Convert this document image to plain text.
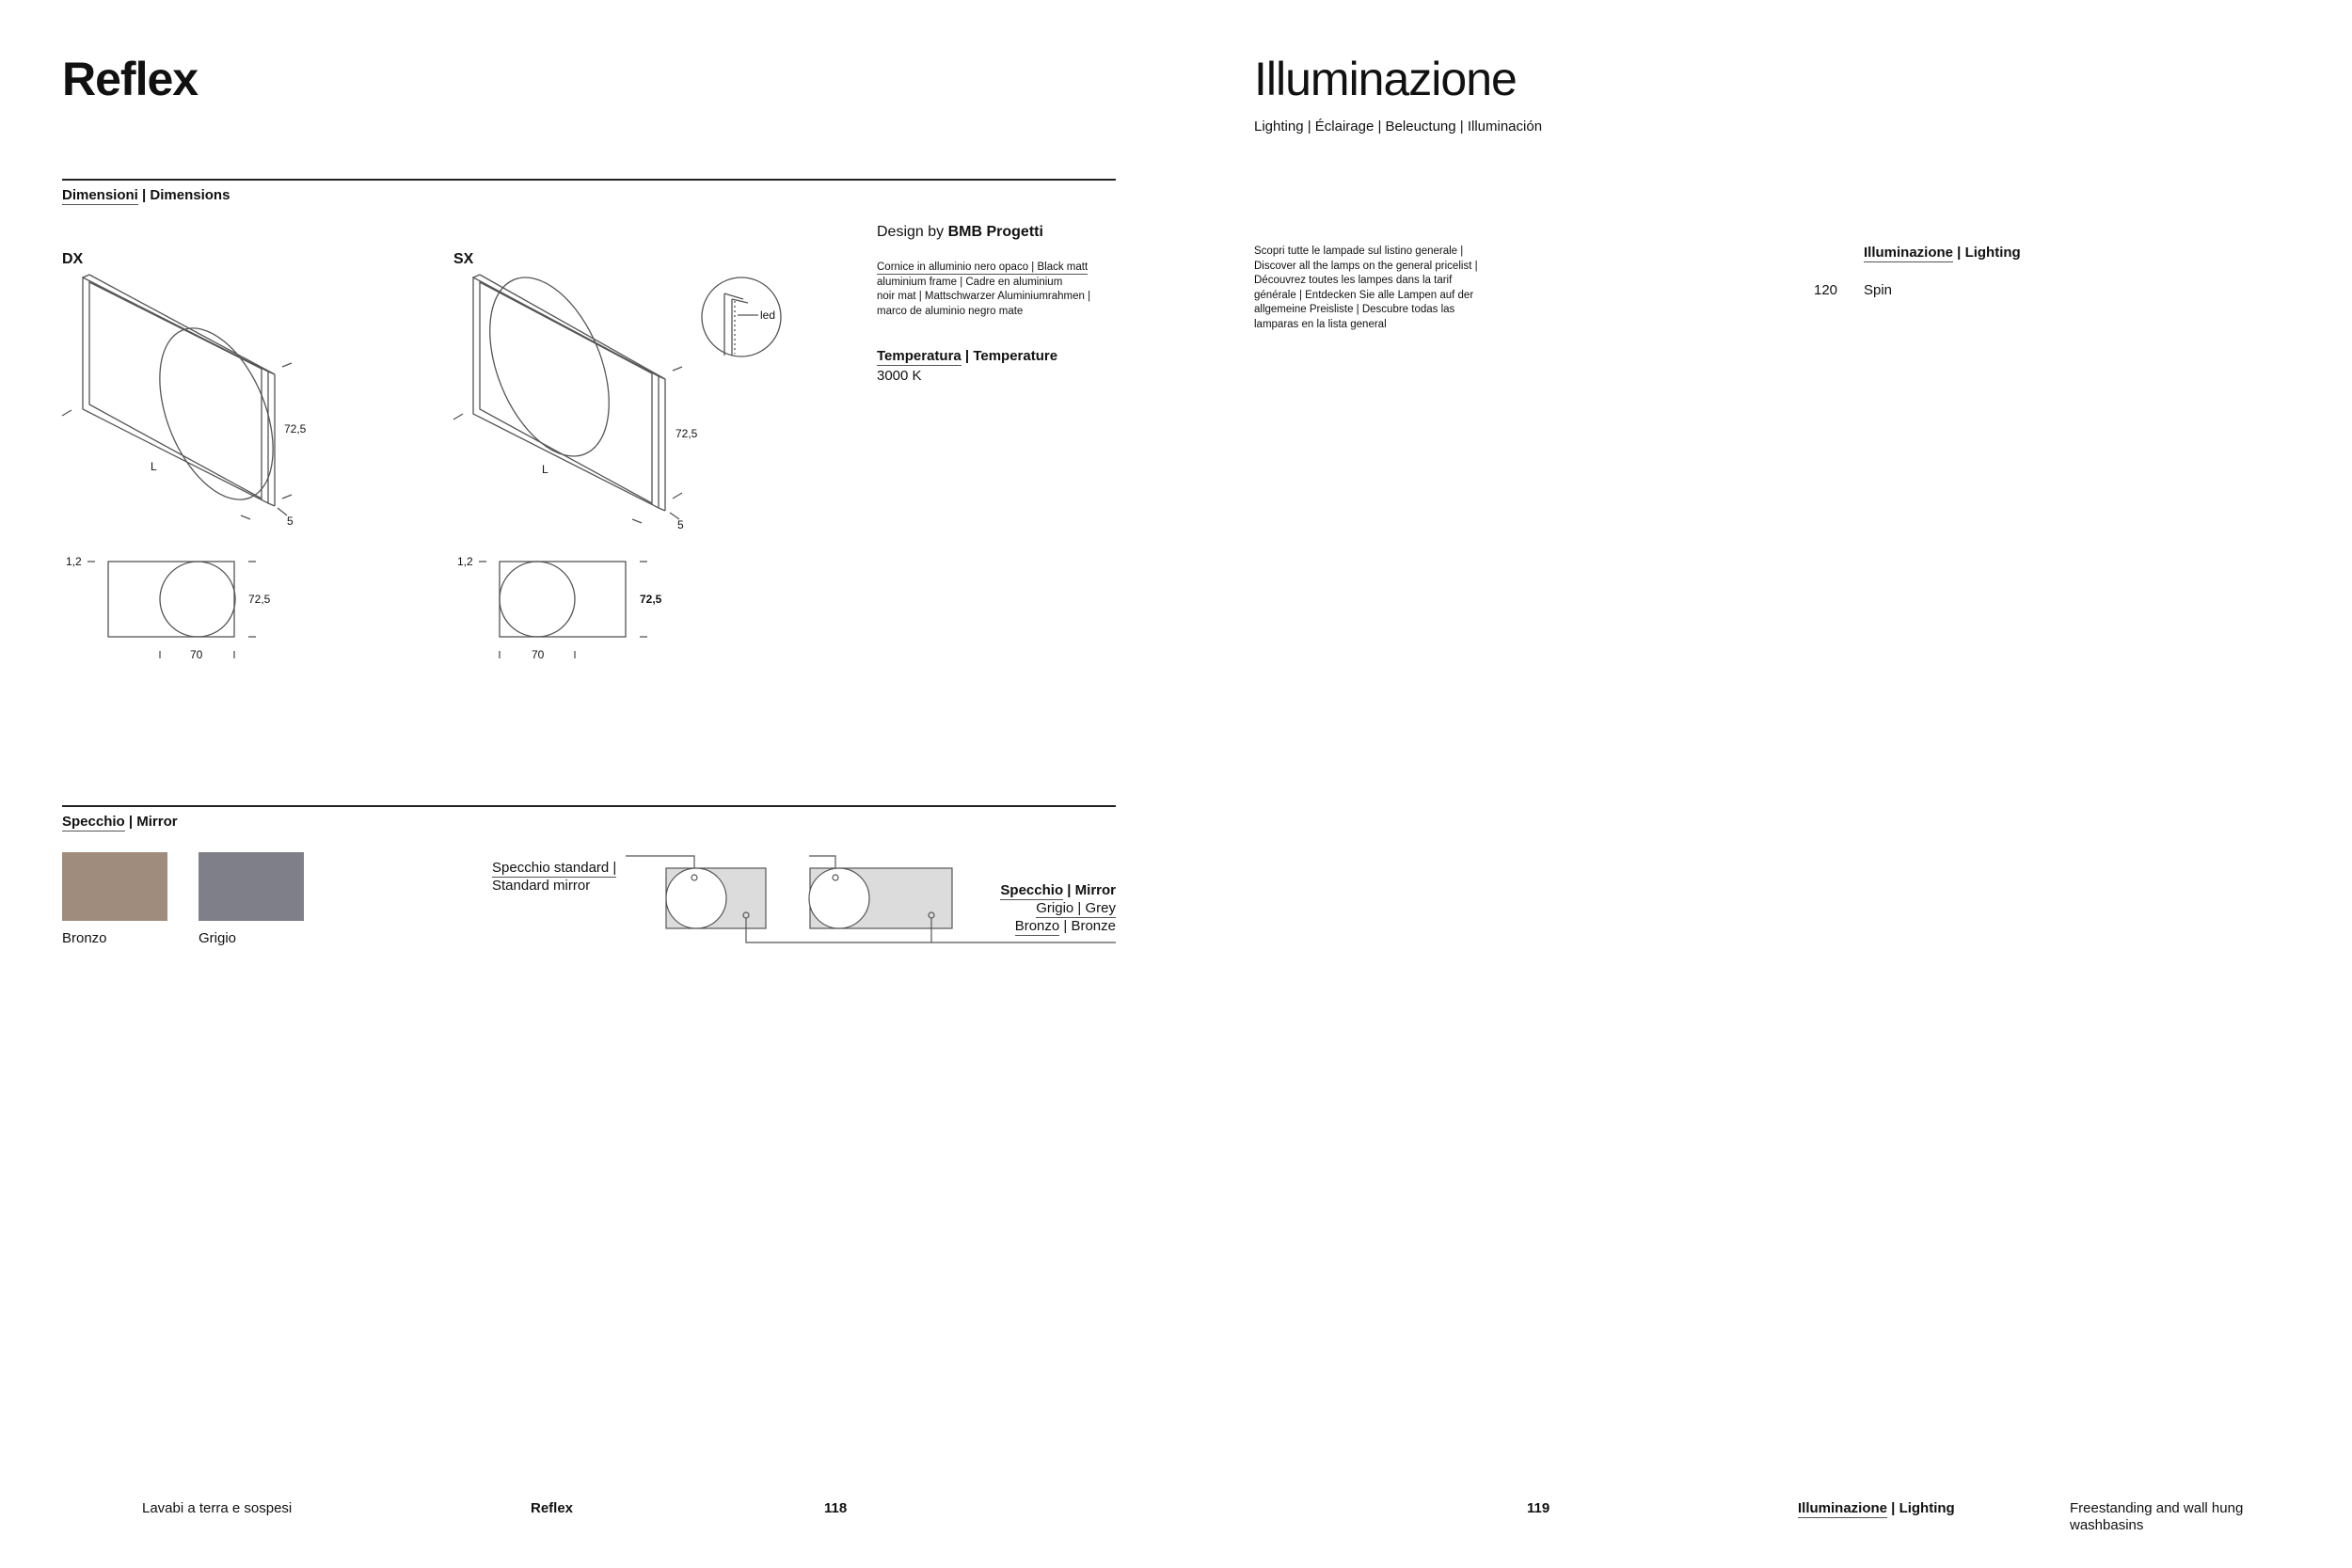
Reflex
Dimensioni | Dimensions
DX	SX
72,5
L
5
72,5
L
5
led
1,2
72,5
70
1,2
72,5
70
Design by BMB Progetti
Cornice in alluminio nero opaco | Black matt
aluminium frame | Cadre en aluminium
noir mat | Mattschwarzer Aluminiumrahmen |
marco de aluminio negro mate
Temperatura | Temperature
3000 K
Specchio | Mirror
Bronzo	Grigio
Specchio standard |
Standard mirror	Specchio | Mirror
Grigio | Grey
Bronzo | Bronze
Illuminazione
Lighting | Éclairage | Beleuctung | Illuminación
Scopri tutte le lampade sul listino generale |
Discover all the lamps on the general pricelist |
Découvrez toutes les lampes dans la tarif
générale | Entdecken Sie alle Lampen auf der
allgemeine Preisliste | Descubre todas las
lamparas en la lista general
Illuminazione | Lighting
120 Spin
Lavabi a terra e sospesi	Reflex	118	119	Illuminazione | Lighting	Freestanding and wall hung
washbasins
